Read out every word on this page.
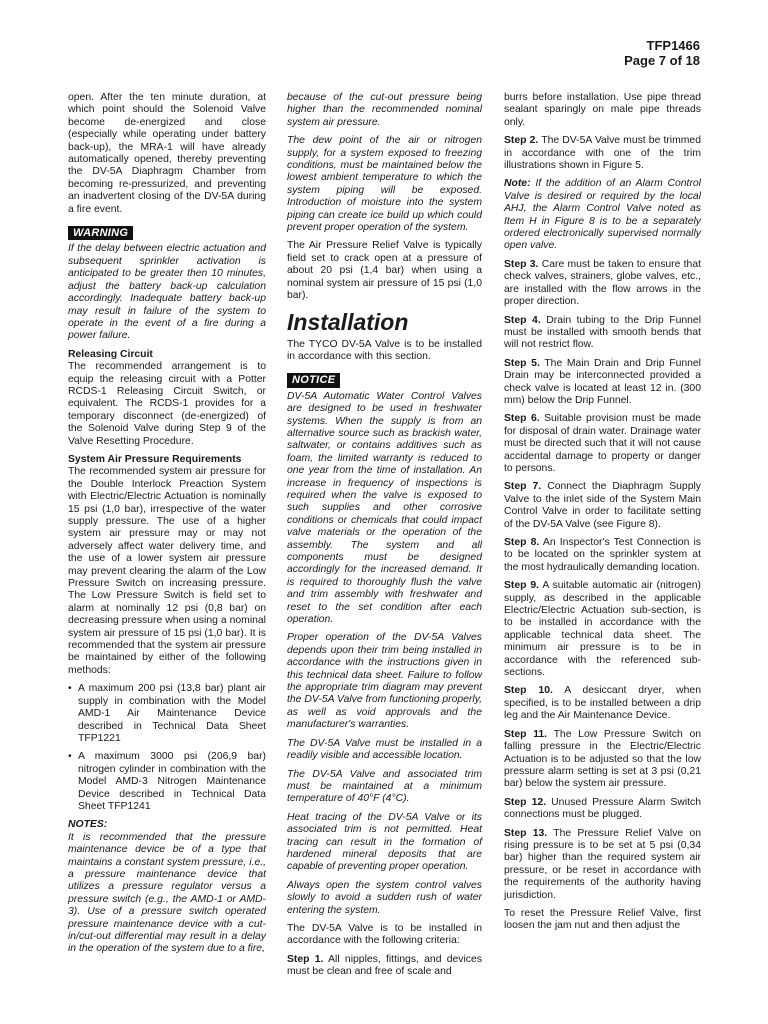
TFP1466
Page 7 of 18

open. After the ten minute duration, at which point should the Solenoid Valve become de-energized and close (especially while operating under battery back-up), the MRA-1 will have already automatically opened, thereby preventing the DV-5A Diaphragm Chamber from becoming re-pressurized, and preventing an inadvertent closing of the DV-5A during a fire event.

WARNING

If the delay between electric actuation and subsequent sprinkler activation is anticipated to be greater then 10 minutes, adjust the battery back-up calculation accordingly. Inadequate battery back-up may result in failure of the system to operate in the event of a fire during a power failure.

Releasing Circuit

The recommended arrangement is to equip the releasing circuit with a Potter RCDS-1 Releasing Circuit Switch, or equivalent. The RCDS-1 provides for a temporary disconnect (de-energized) of the Solenoid Valve during Step 9 of the Valve Resetting Procedure.

System Air Pressure Requirements

The recommended system air pressure for the Double Interlock Preaction System with Electric/Electric Actuation is nominally 15 psi (1,0 bar), irrespective of the water supply pressure. The use of a higher system air pressure may or may not adversely affect water delivery time, and the use of a lower system air pressure may prevent clearing the alarm of the Low Pressure Switch on increasing pressure. The Low Pressure Switch is field set to alarm at nominally 12 psi (0,8 bar) on decreasing pressure when using a nominal system air pressure of 15 psi (1,0 bar). It is recommended that the system air pressure be maintained by either of the following methods:

• A maximum 200 psi (13,8 bar) plant air supply in combination with the Model AMD-1 Air Maintenance Device described in Technical Data Sheet TFP1221
• A maximum 3000 psi (206,9 bar) nitrogen cylinder in combination with the Model AMD-3 Nitrogen Maintenance Device described in Technical Data Sheet TFP1241
NOTES:

It is recommended that the pressure maintenance device be of a type that maintains a constant system pressure, i.e., a pressure maintenance device that utilizes a pressure regulator versus a pressure switch (e.g., the AMD-1 or AMD-3). Use of a pressure switch operated pressure maintenance device with a cut-in/cut-out differential may result in a delay in the operation of the system due to a fire,

because of the cut-out pressure being higher than the recommended nominal system air pressure.

The dew point of the air or nitrogen supply, for a system exposed to freezing conditions, must be maintained below the lowest ambient temperature to which the system piping will be exposed. Introduction of moisture into the system piping can create ice build up which could prevent proper operation of the system.

The Air Pressure Relief Valve is typically field set to crack open at a pressure of about 20 psi (1,4 bar) when using a nominal system air pressure of 15 psi (1,0 bar).

Installation

The TYCO DV-5A Valve is to be installed in accordance with this section.

NOTICE

DV-5A Automatic Water Control Valves are designed to be used in freshwater systems. When the supply is from an alternative source such as brackish water, saltwater, or contains additives such as foam, the limited warranty is reduced to one year from the time of installation. An increase in frequency of inspections is required when the valve is exposed to such supplies and other corrosive conditions or chemicals that could impact valve materials or the operation of the assembly. The system and all components must be designed accordingly for the increased demand. It is required to thoroughly flush the valve and trim assembly with freshwater and reset to the set condition after each operation.

Proper operation of the DV-5A Valves depends upon their trim being installed in accordance with the instructions given in this technical data sheet. Failure to follow the appropriate trim diagram may prevent the DV-5A Valve from functioning properly, as well as void approvals and the manufacturer's warranties.

The DV-5A Valve must be installed in a readily visible and accessible location.

The DV-5A Valve and associated trim must be maintained at a minimum temperature of 40°F (4°C).

Heat tracing of the DV-5A Valve or its associated trim is not permitted. Heat tracing can result in the formation of hardened mineral deposits that are capable of preventing proper operation.

Always open the system control valves slowly to avoid a sudden rush of water entering the system.

The DV-5A Valve is to be installed in accordance with the following criteria:

Step 1. All nipples, fittings, and devices must be clean and free of scale and

burrs before installation. Use pipe thread sealant sparingly on male pipe threads only.

Step 2. The DV-5A Valve must be trimmed in accordance with one of the trim illustrations shown in Figure 5.

Note: If the addition of an Alarm Control Valve is desired or required by the local AHJ, the Alarm Control Valve noted as Item H in Figure 8 is to be a separately ordered electronically supervised normally open valve.

Step 3. Care must be taken to ensure that check valves, strainers, globe valves, etc., are installed with the flow arrows in the proper direction.

Step 4. Drain tubing to the Drip Funnel must be installed with smooth bends that will not restrict flow.

Step 5. The Main Drain and Drip Funnel Drain may be interconnected provided a check valve is located at least 12 in. (300 mm) below the Drip Funnel.

Step 6. Suitable provision must be made for disposal of drain water. Drainage water must be directed such that it will not cause accidental damage to property or danger to persons.

Step 7. Connect the Diaphragm Supply Valve to the inlet side of the System Main Control Valve in order to facilitate setting of the DV-5A Valve (see Figure 8).

Step 8. An Inspector's Test Connection is to be located on the sprinkler system at the most hydraulically demanding location.

Step 9. A suitable automatic air (nitrogen) supply, as described in the applicable Electric/Electric Actuation sub-section, is to be installed in accordance with the applicable technical data sheet. The minimum air pressure is to be in accordance with the referenced sub-sections.

Step 10. A desiccant dryer, when specified, is to be installed between a drip leg and the Air Maintenance Device.

Step 11. The Low Pressure Switch on falling pressure in the Electric/Electric Actuation is to be adjusted so that the low pressure alarm setting is set at 3 psi (0,21 bar) below the system air pressure.

Step 12. Unused Pressure Alarm Switch connections must be plugged.

Step 13. The Pressure Relief Valve on rising pressure is to be set at 5 psi (0,34 bar) higher than the required system air pressure, or be reset in accordance with the requirements of the authority having jurisdiction.

To reset the Pressure Relief Valve, first loosen the jam nut and then adjust the
